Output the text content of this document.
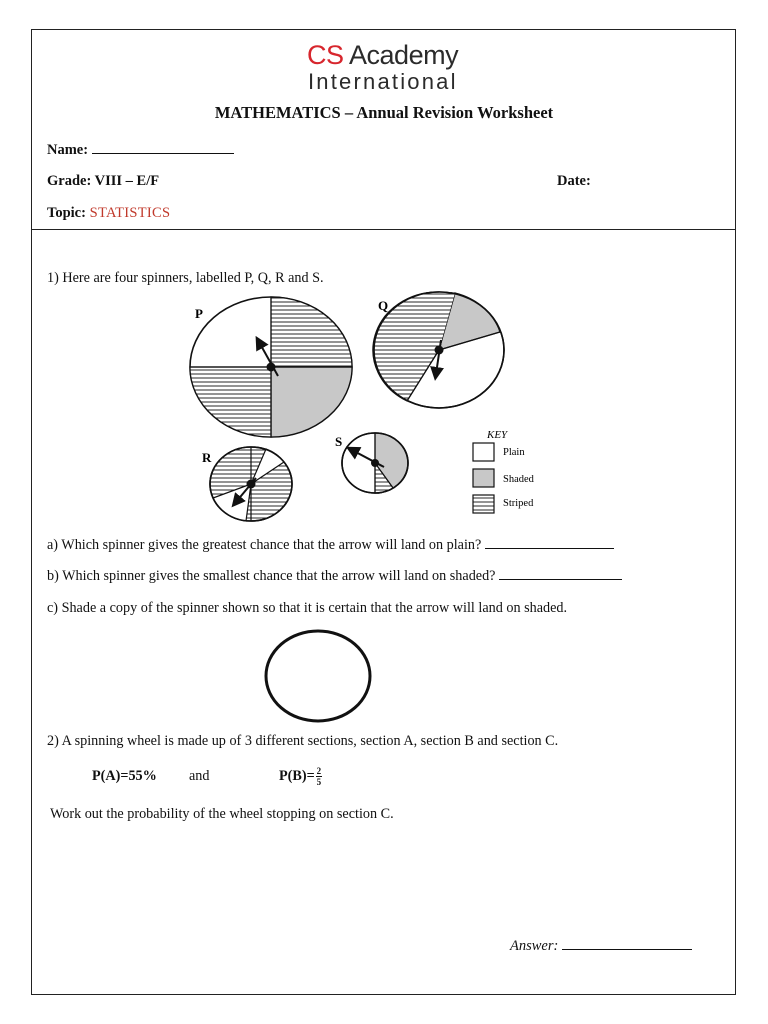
CS Academy
International
MATHEMATICS – Annual Revision Worksheet
Name:
Grade: VIII – E/F	Date:
Topic: STATISTICS
1) Here are four spinners, labelled P, Q, R and S.
P
Q
R
S	KEY
Plain
Shaded
Striped
a) Which spinner gives the greatest chance that the arrow will land on plain?
b) Which spinner gives the smallest chance that the arrow will land on shaded?
c) Shade a copy of the spinner shown so that it is certain that the arrow will land on shaded.
2) A spinning wheel is made up of 3 different sections, section A, section B and section C.
P(A)=55% and	$P(B)= \frac{2}{5}$
Work out the probability of the wheel stopping on section C.
Answer:
